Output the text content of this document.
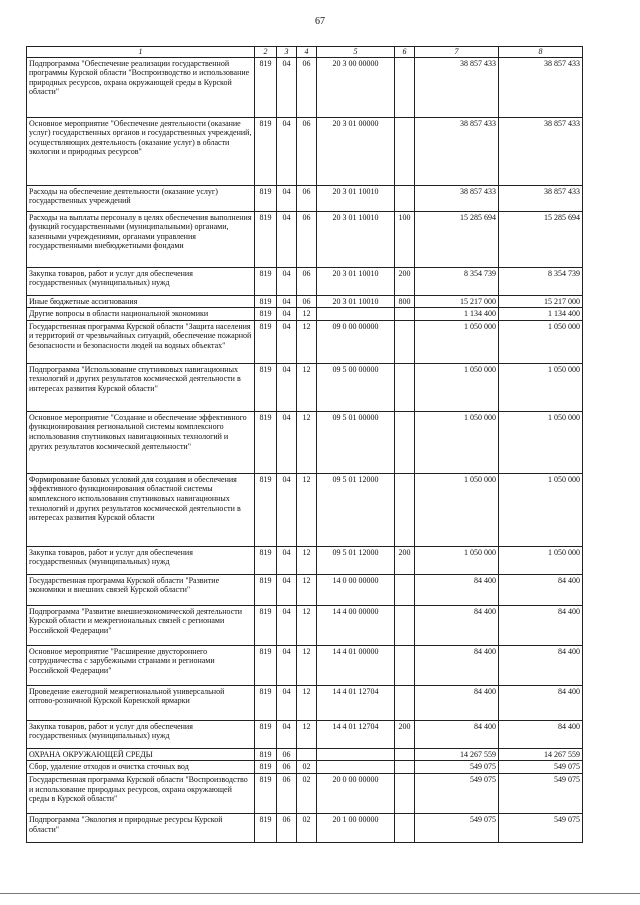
67
1	2	3	4	5	6	7	8
Подпрограмма "Обеспечение реализации государственной программы Курской области "Воспроизводство и использование природных ресурсов, охрана окружающей среды в Курской области"	819	04	06	20 3 00 00000		38 857 433	38 857 433
Основное мероприятие "Обеспечение деятельности (оказание услуг) государственных органов и государственных учреждений, осуществляющих деятельность (оказание услуг) в области экологии и природных ресурсов"	819	04	06	20 3 01 00000		38 857 433	38 857 433
Расходы на обеспечение деятельности (оказание услуг) государственных учреждений	819	04	06	20 3 01 10010		38 857 433	38 857 433
Расходы на выплаты персоналу в целях обеспечения выполнения функций государственными (муниципальными) органами, казенными учреждениями, органами управления государственными внебюджетными фондами	819	04	06	20 3 01 10010	100	15 285 694	15 285 694
Закупка товаров, работ и услуг для обеспечения государственных (муниципальных) нужд	819	04	06	20 3 01 10010	200	8 354 739	8 354 739
Иные бюджетные ассигнования	819	04	06	20 3 01 10010	800	15 217 000	15 217 000
Другие вопросы в области национальной экономики	819	04	12			1 134 400	1 134 400
Государственная программа Курской области "Защита населения и территорий от чрезвычайных ситуаций, обеспечение пожарной безопасности и безопасности людей на водных объектах"	819	04	12	09 0 00 00000		1 050 000	1 050 000
Подпрограмма "Использование спутниковых навигационных технологий и других результатов космической деятельности в интересах развития Курской области"	819	04	12	09 5 00 00000		1 050 000	1 050 000
Основное мероприятие "Создание и обеспечение эффективного функционирования региональной системы комплексного использования спутниковых навигационных технологий и других результатов космической деятельности"	819	04	12	09 5 01 00000		1 050 000	1 050 000
Формирование базовых условий для создания и обеспечения эффективного функционирования областной системы комплексного использования спутниковых навигационных технологий и других результатов космической деятельности в интересах развития Курской области	819	04	12	09 5 01 12000		1 050 000	1 050 000
Закупка товаров, работ и услуг для обеспечения государственных (муниципальных) нужд	819	04	12	09 5 01 12000	200	1 050 000	1 050 000
Государственная программа Курской области "Развитие экономики и внешних связей Курской области"	819	04	12	14 0 00 00000		84 400	84 400
Подпрограмма "Развитие внешнеэкономической деятельности Курской области и межрегиональных связей с регионами Российской Федерации"	819	04	12	14 4 00 00000		84 400	84 400
Основное мероприятие "Расширение двустороннего сотрудничества с зарубежными странами и регионами Российской Федерации"	819	04	12	14 4 01 00000		84 400	84 400
Проведение ежегодной межрегиональной универсальной оптово-розничной Курской Коренской ярмарки	819	04	12	14 4 01 12704		84 400	84 400
Закупка товаров, работ и услуг для обеспечения государственных (муниципальных) нужд	819	04	12	14 4 01 12704	200	84 400	84 400
ОХРАНА ОКРУЖАЮЩЕЙ СРЕДЫ	819	06				14 267 559	14 267 559
Сбор, удаление отходов и очистка сточных вод	819	06	02			549 075	549 075
Государственная программа Курской области "Воспроизводство и использование природных ресурсов, охрана окружающей среды в Курской области"	819	06	02	20 0 00 00000		549 075	549 075
Подпрограмма "Экология и природные ресурсы Курской области"	819	06	02	20 1 00 00000		549 075	549 075
